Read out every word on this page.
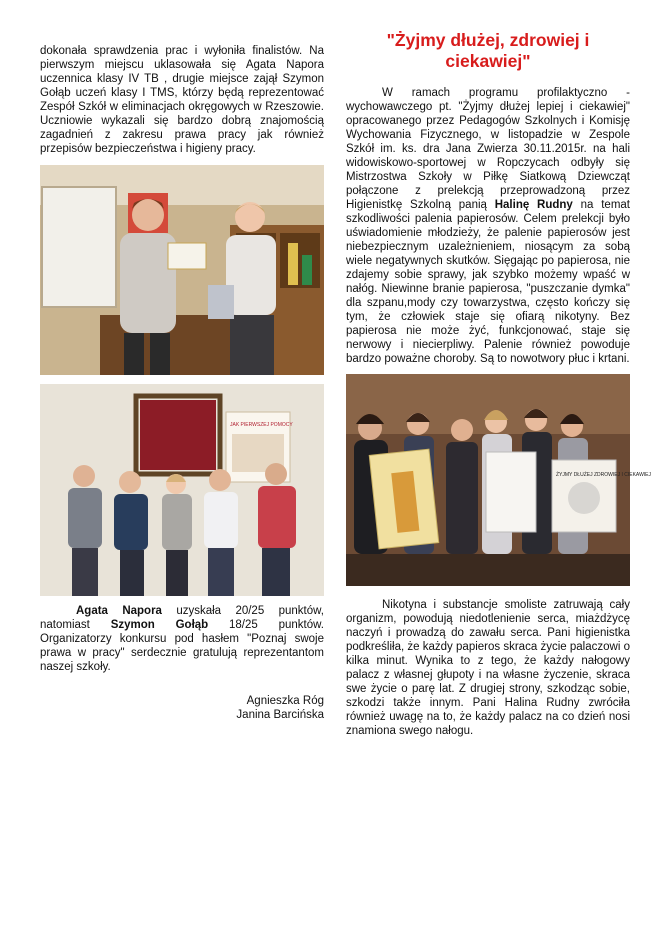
dokonała sprawdzenia prac i wyłoniła finalistów. Na pierwszym miejscu uklasowała się Agata Napora uczennica klasy IV TB , drugie miejsce zajął Szymon Gołąb uczeń klasy I TMS, którzy będą reprezentować Zespół Szkół w eliminacjach okręgowych w Rzeszowie. Uczniowie wykazali się bardzo dobrą znajomością zagadnień z zakresu prawa pracy jak również przepisów bezpieczeństwa i higieny pracy.

JAK PIERWSZEJ POMOCY

Agata Napora uzyskała 20/25 punktów, natomiast Szymon Gołąb 18/25 punktów. Organizatorzy konkursu pod hasłem "Poznaj swoje prawa w pracy" serdecznie gratulują reprezentantom naszej szkoły.

Agnieszka Róg
Janina Barcińska
"Żyjmy dłużej, zdrowiej i ciekawiej"

W ramach programu profilaktyczno - wychowawczego pt. "Żyjmy dłużej lepiej i ciekawiej" opracowanego przez Pedagogów Szkolnych i Komisję Wychowania Fizycznego, w listopadzie w Zespole Szkół im. ks. dra Jana Zwierza 30.11.2015r. na hali widowiskowo-sportowej w Ropczycach odbyły się Mistrzostwa Szkoły w Piłkę Siatkową Dziewcząt połączone z prelekcją przeprowadzoną przez Higienistkę Szkolną panią Halinę Rudny na temat szkodliwości palenia papierosów. Celem prelekcji było uświadomienie młodzieży, że palenie papierosów jest niebezpiecznym uzależnieniem, niosącym za sobą wiele negatywnych skutków. Sięgając po papierosa, nie zdajemy sobie sprawy, jak szybko możemy wpaść w nałóg. Niewinne branie papierosa, "puszczanie dymka" dla szpanu,mody czy towarzystwa, często kończy się tym, że człowiek staje się ofiarą nikotyny. Bez papierosa nie może żyć, funkcjonować, staje się nerwowy i niecierpliwy. Palenie również powoduje bardzo poważne choroby. Są to nowotwory płuc i krtani.

ŻYJMY DŁUŻEJ ZDROWIEJ I CIEKAWIEJ

Nikotyna i substancje smoliste zatruwają cały organizm, powodują niedotlenienie serca, miażdżycę naczyń i prowadzą do zawału serca. Pani higienistka podkreśliła, że każdy papieros skraca życie palaczowi o kilka minut. Wynika to z tego, że każdy nałogowy palacz z własnej głupoty i na własne życzenie, skraca swe życie o parę lat. Z drugiej strony, szkodząc sobie, szkodzi także innym. Pani Halina Rudny zwróciła również uwagę na to, że każdy palacz na co dzień nosi znamiona swego nałogu.
